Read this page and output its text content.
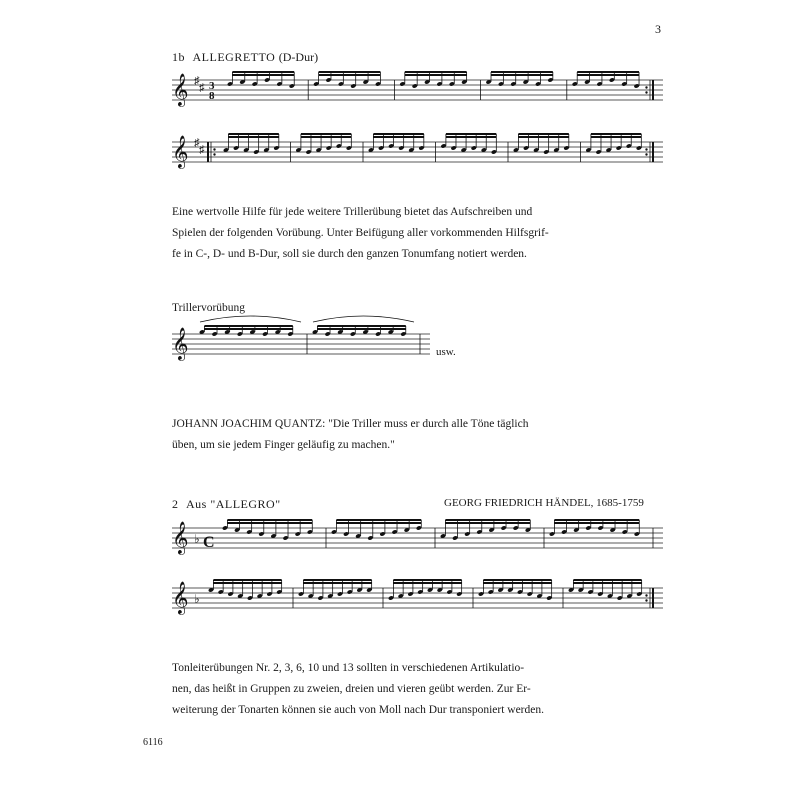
3
1b ALLEGRETTO (D-Dur)
𝄞 ♯
♯ 3
8
𝄞 ♯
♯
Eine wertvolle Hilfe für jede weitere Trillerübung bietet das Aufschreiben und
Spielen der folgenden Vorübung. Unter Beifügung aller vorkommenden Hilfsgrif-
fe in C-, D- und B-Dur, soll sie durch den ganzen Tonumfang notiert werden.
Trillervorübung
𝄞	usw.
JOHANN JOACHIM QUANTZ: "Die Triller muss er durch alle Töne täglich
üben, um sie jedem Finger geläufig zu machen."
2 Aus "ALLEGRO"	GEORG FRIEDRICH HÄNDEL, 1685-1759
𝄞 ♭ C
𝄞 ♭
Tonleiterübungen Nr. 2, 3, 6, 10 und 13 sollten in verschiedenen Artikulatio-
nen, das heißt in Gruppen zu zweien, dreien und vieren geübt werden. Zur Er-
weiterung der Tonarten können sie auch von Moll nach Dur transponiert werden.
6116
